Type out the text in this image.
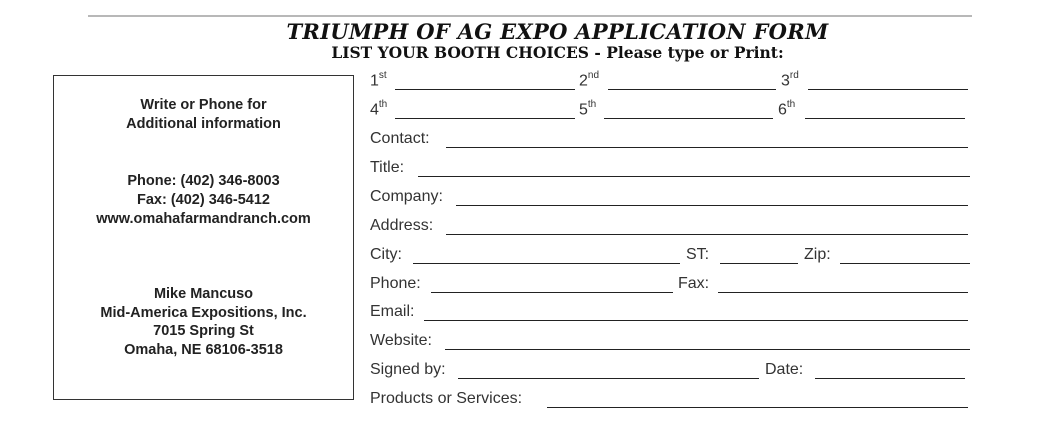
TRIUMPH OF AG EXPO APPLICATION FORM
LIST YOUR BOOTH CHOICES - Please type or Print:
Write or Phone for
Additional information
Phone: (402) 346-8003
Fax: (402) 346-5412
www.omahafarmandranch.com
Mike Mancuso
Mid-America Expositions, Inc.
7015 Spring St
Omaha, NE 68106-3518
1st	2nd	3rd
4th	5th	6th
Contact:
Title:
Company:
Address:
City:	ST:	Zip:
Phone:	Fax:
Email:
Website:
Signed by:	Date:
Products or Services:
